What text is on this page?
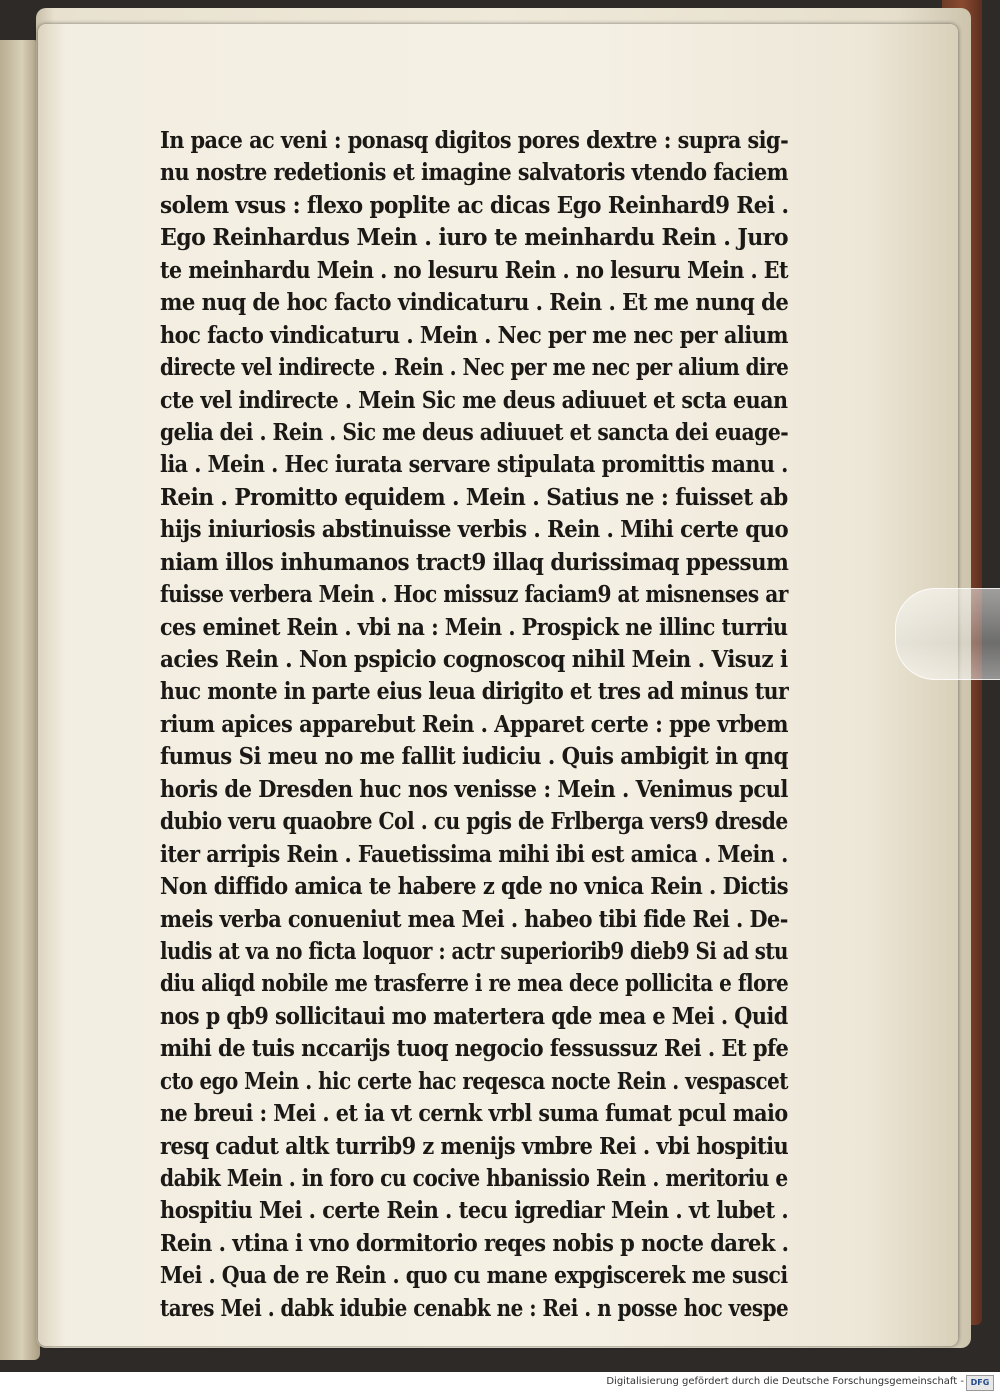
In pace ac veni : ponasq digitos pores dextre : supra sig-
nu nostre redetionis et imagine salvatoris vtendo faciem
solem vsus : flexo poplite ac dicas Ego Reinhard9 Rei .
Ego Reinhardus Mein . iuro te meinhardu Rein . Juro
te meinhardu Mein . no lesuru Rein . no lesuru Mein . Et
me nuq de hoc facto vindicaturu . Rein . Et me nunq de
hoc facto vindicaturu . Mein . Nec per me nec per alium
directe vel indirecte . Rein . Nec per me nec per alium dire
cte vel indirecte . Mein Sic me deus adiuuet et scta euan
gelia dei . Rein . Sic me deus adiuuet et sancta dei euage-
lia . Mein . Hec iurata servare stipulata promittis manu .
Rein . Promitto equidem . Mein . Satius ne : fuisset ab
hijs iniuriosis abstinuisse verbis . Rein . Mihi certe quo
niam illos inhumanos tract9 illaq durissimaq ppessum
fuisse verbera Mein . Hoc missuz faciam9 at misnenses ar
ces eminet Rein . vbi na : Mein . Prospick ne illinc turriu
acies Rein . Non pspicio cognoscoq nihil Mein . Visuz i
huc monte in parte eius leua dirigito et tres ad minus tur
rium apices apparebut Rein . Apparet certe : ppe vrbem
fumus Si meu no me fallit iudiciu . Quis ambigit in qnq
horis de Dresden huc nos venisse : Mein . Venimus pcul
dubio veru quaobre Col . cu pgis de Frlberga vers9 dresde
iter arripis Rein . Fauetissima mihi ibi est amica . Mein .
Non diffido amica te habere z qde no vnica Rein . Dictis
meis verba conueniut mea Mei . habeo tibi fide Rei . De-
ludis at va no ficta loquor : actr superiorib9 dieb9 Si ad stu
diu aliqd nobile me trasferre i re mea dece pollicita e flore
nos p qb9 sollicitaui mo matertera qde mea e Mei . Quid
mihi de tuis nccarijs tuoq negocio fessussuz Rei . Et pfe
cto ego Mein . hic certe hac reqesca nocte Rein . vespascet
ne breui : Mei . et ia vt cernk vrbl suma fumat pcul maio
resq cadut altk turrib9 z menijs vmbre Rei . vbi hospitiu
dabik Mein . in foro cu cocive hbanissio Rein . meritoriu e
hospitiu Mei . certe Rein . tecu igrediar Mein . vt lubet .
Rein . vtina i vno dormitorio reqes nobis p nocte darek .
Mei . Qua de re Rein . quo cu mane expgiscerek me susci
tares Mei . dabk idubie cenabk ne : Rei . n posse hoc vespe
Digitalisierung gefördert durch die Deutsche Forschungsgemeinschaft - DFG
